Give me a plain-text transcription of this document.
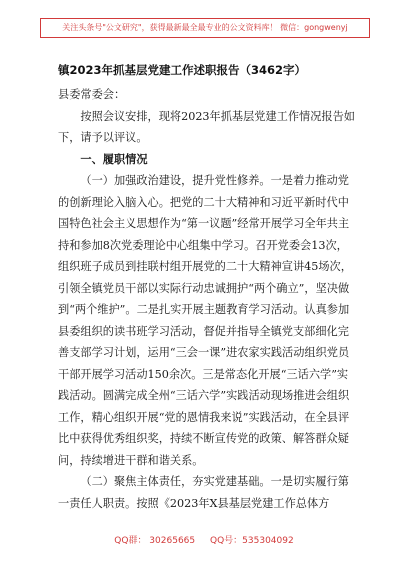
关注头条号"公文研究"，获得最新最全最专业的公文资料库！ 微信：gongwenyj
镇2023年抓基层党建工作述职报告（3462字）

县委常委会：

按照会议安排，现将2023年抓基层党建工作情况报告如下，请予以评议。

一、履职情况

（一）加强政治建设，提升党性修养。一是着力推动党的创新理论入脑入心。把党的二十大精神和习近平新时代中国特色社会主义思想作为“第一议题”经常开展学习全年共主持和参加8次党委理论中心组集中学习。召开党委会13次，组织班子成员到挂联村组开展党的二十大精神宣讲45场次，引领全镇党员干部以实际行动忠诚拥护“两个确立”，坚决做到“两个维护”。二是扎实开展主题教育学习活动。认真参加县委组织的读书班学习活动，督促并指导全镇党支部细化完善支部学习计划，运用“三会一课”进农家实践活动组织党员干部开展学习活动150余次。三是常态化开展“三话六学”实践活动。圆满完成全州“三话六学”实践活动现场推进会组织工作，精心组织开展“党的恩情我来说”实践活动，在全县评比中获得优秀组织奖，持续不断宣传党的政策、解答群众疑问，持续增进干群和谐关系。

（二）聚焦主体责任，夯实党建基础。一是切实履行第一责任人职责。按照《2023年X县基层党建工作总体方

QQ群： 30265665 QQ号：535304092
